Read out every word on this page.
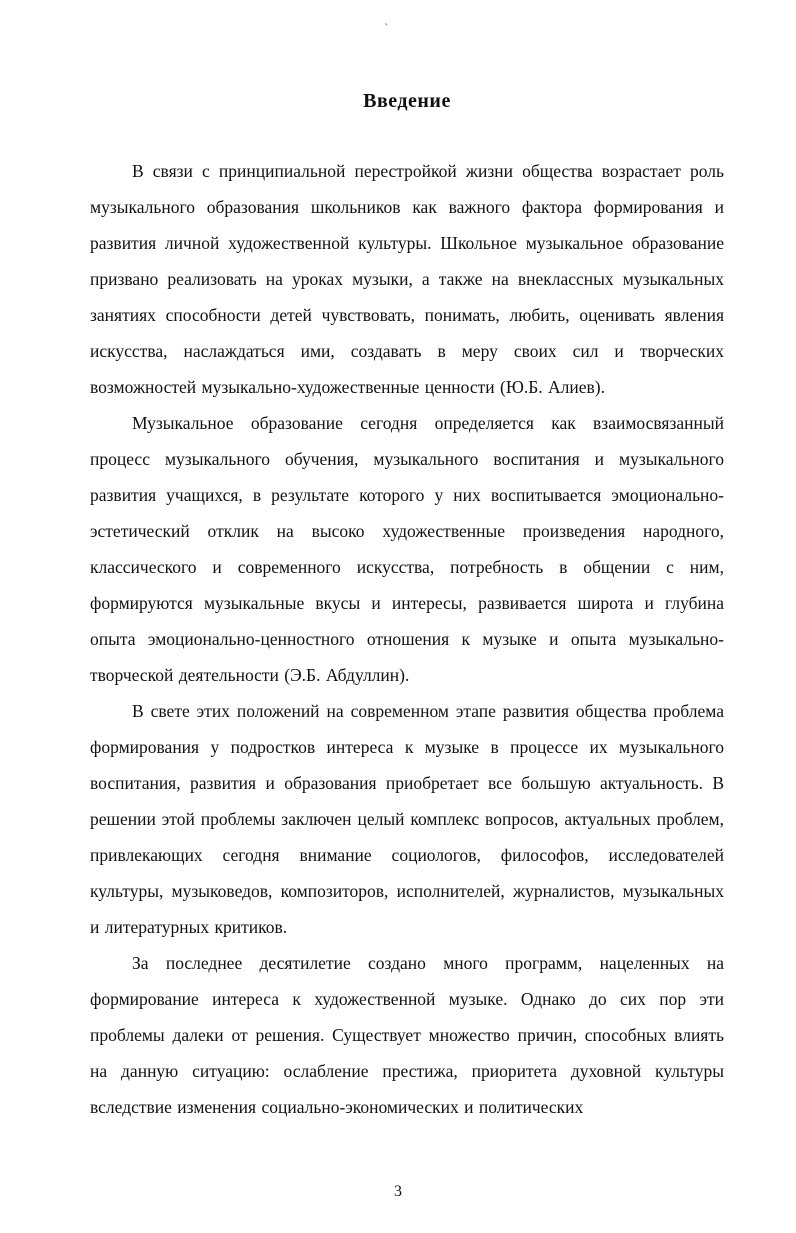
`
Введение

В связи с принципиальной перестройкой жизни общества возрастает роль музыкального образования школьников как важного фактора формирования и развития личной художественной культуры. Школьное музыкальное образование призвано реализовать на уроках музыки, а также на внеклассных музыкальных занятиях способности детей чувствовать, понимать, любить, оценивать явления искусства, наслаждаться ими, создавать в меру своих сил и творческих возможностей музыкально-художественные ценности (Ю.Б. Алиев).

Музыкальное образование сегодня определяется как взаимосвязанный процесс музыкального обучения, музыкального воспитания и музыкального развития учащихся, в результате которого у них воспитывается эмоционально-эстетический отклик на высоко художественные произведения народного, классического и современного искусства, потребность в общении с ним, формируются музыкальные вкусы и интересы, развивается широта и глубина опыта эмоционально-ценностного отношения к музыке и опыта музыкально-творческой деятельности (Э.Б. Абдуллин).

В свете этих положений на современном этапе развития общества проблема формирования у подростков интереса к музыке в процессе их музыкального воспитания, развития и образования приобретает все большую актуальность. В решении этой проблемы заключен целый комплекс вопросов, актуальных проблем, привлекающих сегодня внимание социологов, философов, исследователей культуры, музыковедов, композиторов, исполнителей, журналистов, музыкальных и литературных критиков.

За последнее десятилетие создано много программ, нацеленных на формирование интереса к художественной музыке. Однако до сих пор эти проблемы далеки от решения. Существует множество причин, способных влиять на данную ситуацию: ослабление престижа, приоритета духовной культуры вследствие изменения социально-экономических и политических

3
